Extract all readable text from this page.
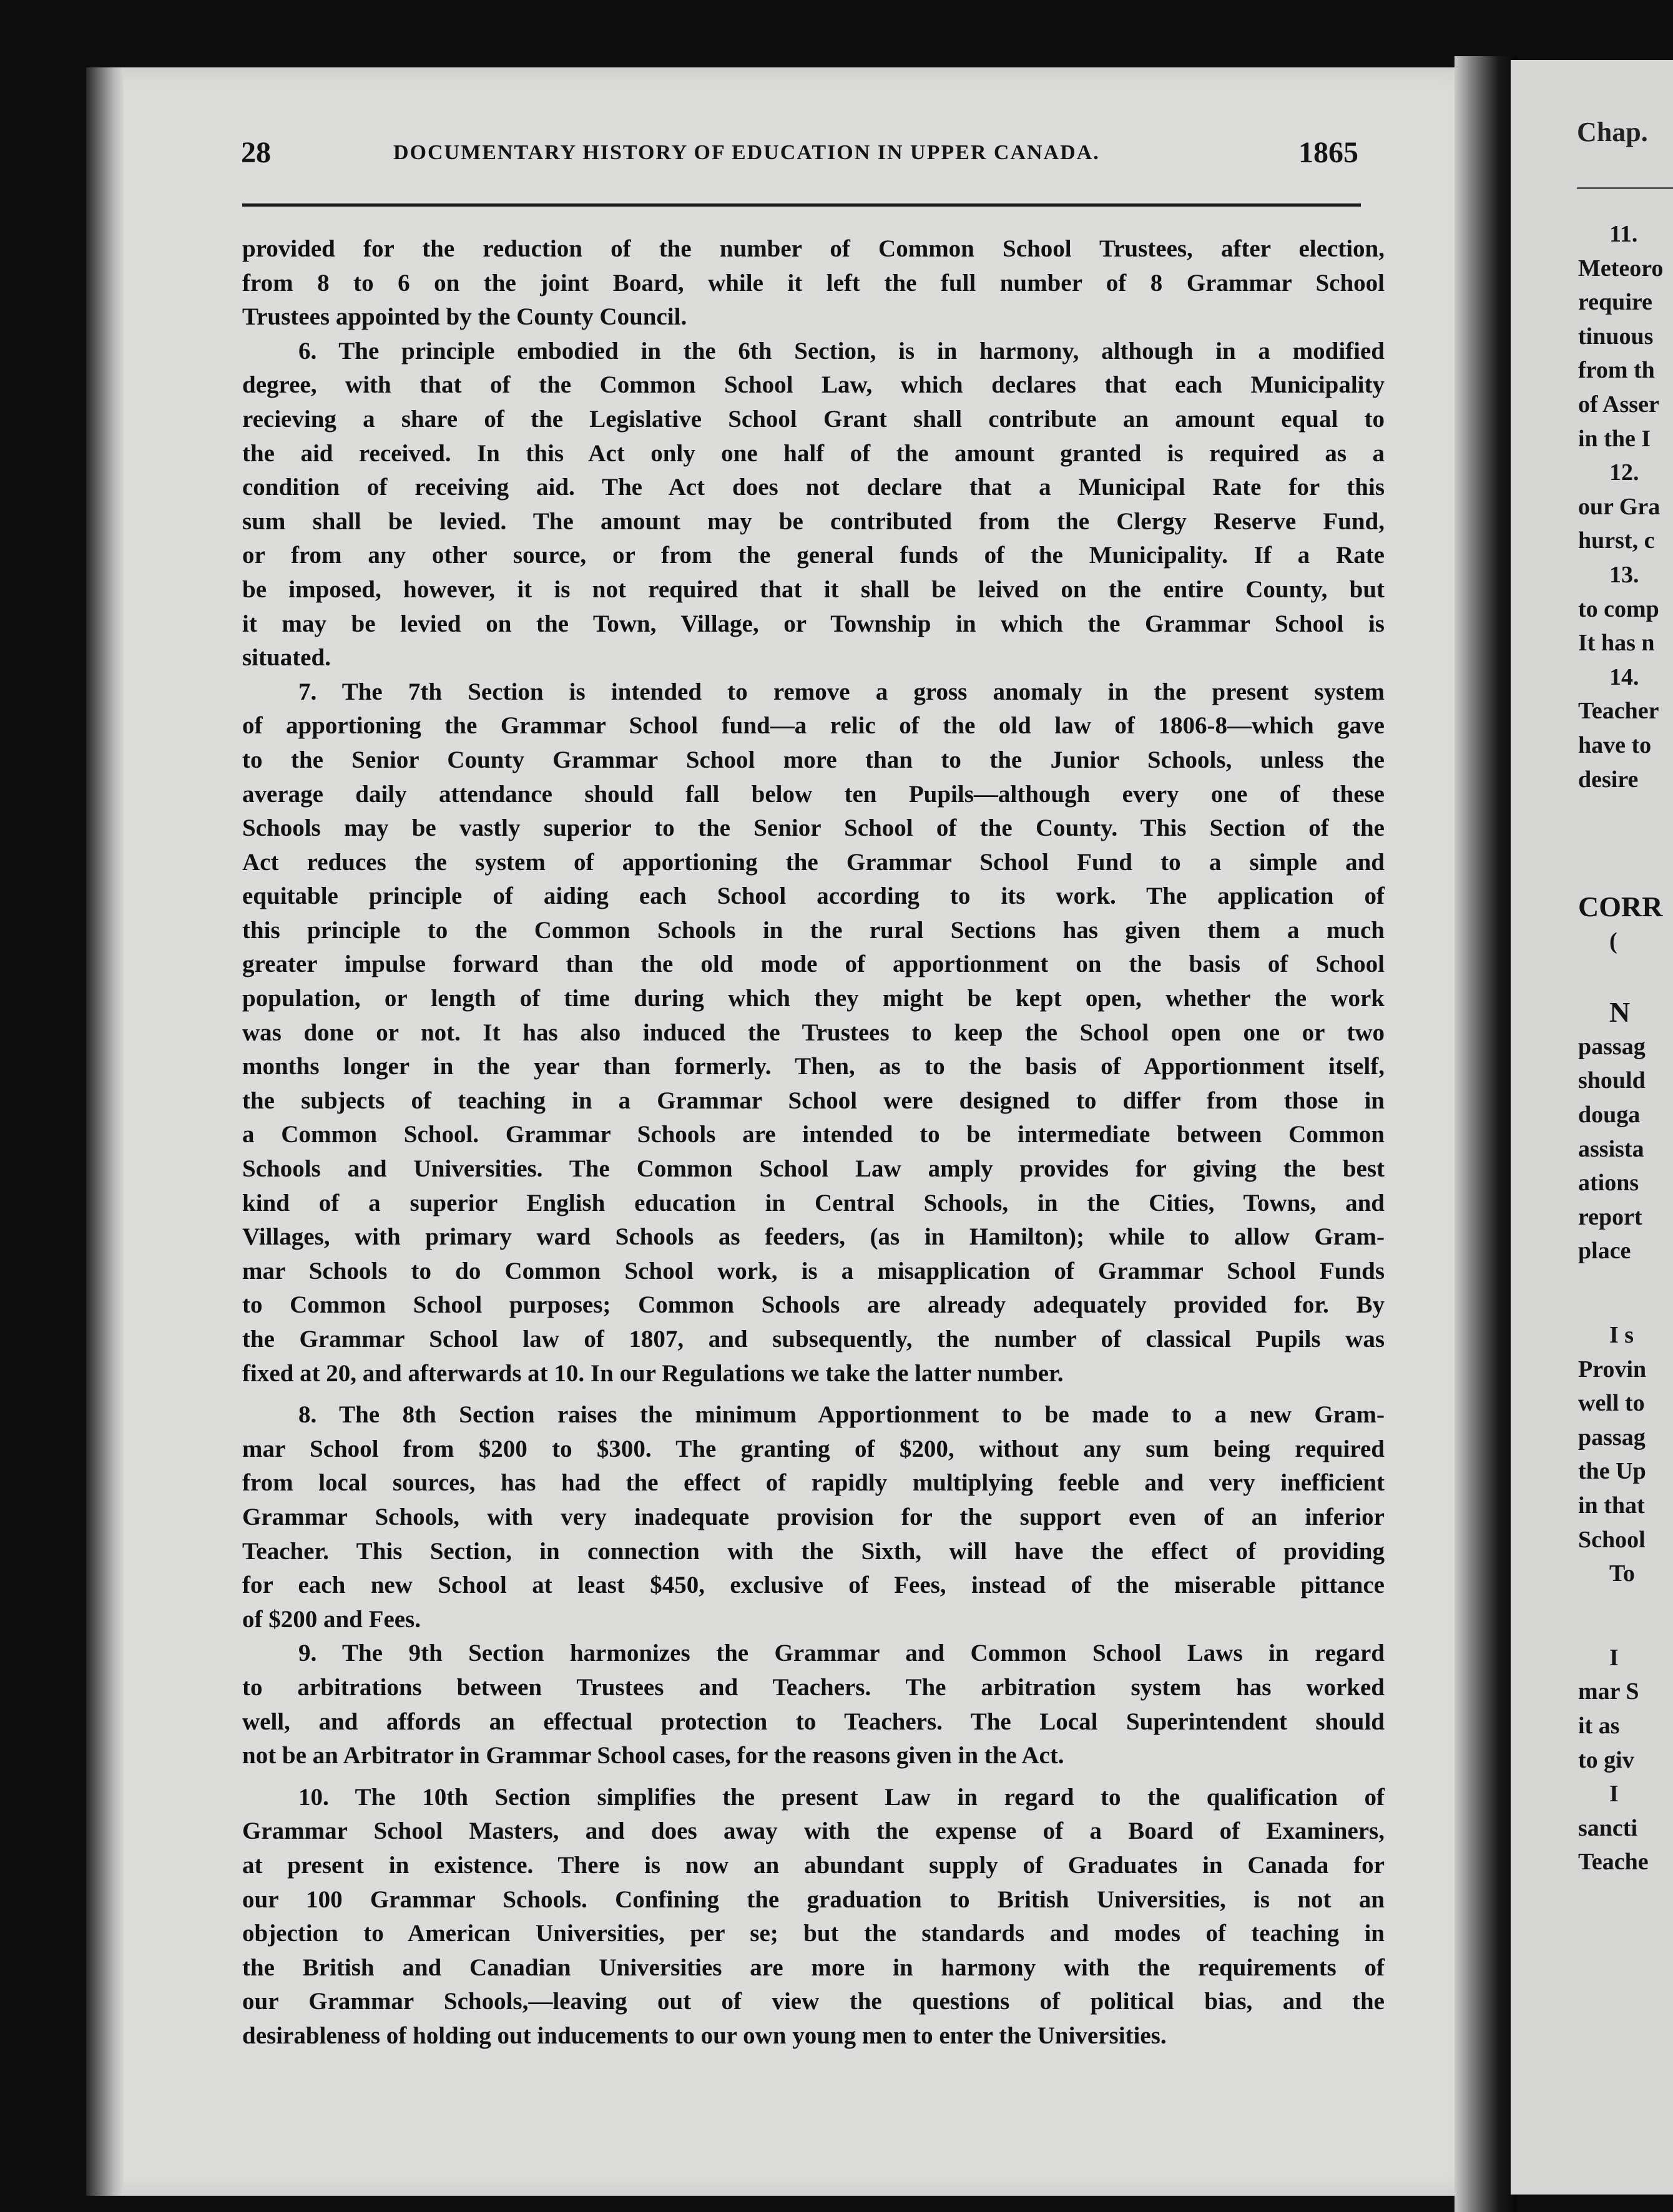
28	DOCUMENTARY HISTORY OF EDUCATION IN UPPER CANADA.	1865
provided for the reduction of the number of Common School Trustees, after election,
from 8 to 6 on the joint Board, while it left the full number of 8 Grammar School
Trustees appointed by the County Council.
6. The principle embodied in the 6th Section, is in harmony, although in a modified
degree, with that of the Common School Law, which declares that each Municipality
recieving a share of the Legislative School Grant shall contribute an amount equal to
the aid received. In this Act only one half of the amount granted is required as a
condition of receiving aid. The Act does not declare that a Municipal Rate for this
sum shall be levied. The amount may be contributed from the Clergy Reserve Fund,
or from any other source, or from the general funds of the Municipality. If a Rate
be imposed, however, it is not required that it shall be leived on the entire County, but
it may be levied on the Town, Village, or Township in which the Grammar School is
situated.
7. The 7th Section is intended to remove a gross anomaly in the present system
of apportioning the Grammar School fund—a relic of the old law of 1806-8—which gave
to the Senior County Grammar School more than to the Junior Schools, unless the
average daily attendance should fall below ten Pupils—although every one of these
Schools may be vastly superior to the Senior School of the County. This Section of the
Act reduces the system of apportioning the Grammar School Fund to a simple and
equitable principle of aiding each School according to its work. The application of
this principle to the Common Schools in the rural Sections has given them a much
greater impulse forward than the old mode of apportionment on the basis of School
population, or length of time during which they might be kept open, whether the work
was done or not. It has also induced the Trustees to keep the School open one or two
months longer in the year than formerly. Then, as to the basis of Apportionment itself,
the subjects of teaching in a Grammar School were designed to differ from those in
a Common School. Grammar Schools are intended to be intermediate between Common
Schools and Universities. The Common School Law amply provides for giving the best
kind of a superior English education in Central Schools, in the Cities, Towns, and
Villages, with primary ward Schools as feeders, (as in Hamilton); while to allow Gram-
mar Schools to do Common School work, is a misapplication of Grammar School Funds
to Common School purposes; Common Schools are already adequately provided for. By
the Grammar School law of 1807, and subsequently, the number of classical Pupils was
fixed at 20, and afterwards at 10. In our Regulations we take the latter number.
8. The 8th Section raises the minimum Apportionment to be made to a new Gram-
mar School from $200 to $300. The granting of $200, without any sum being required
from local sources, has had the effect of rapidly multiplying feeble and very inefficient
Grammar Schools, with very inadequate provision for the support even of an inferior
Teacher. This Section, in connection with the Sixth, will have the effect of providing
for each new School at least $450, exclusive of Fees, instead of the miserable pittance
of $200 and Fees.
9. The 9th Section harmonizes the Grammar and Common School Laws in regard
to arbitrations between Trustees and Teachers. The arbitration system has worked
well, and affords an effectual protection to Teachers. The Local Superintendent should
not be an Arbitrator in Grammar School cases, for the reasons given in the Act.
10. The 10th Section simplifies the present Law in regard to the qualification of
Grammar School Masters, and does away with the expense of a Board of Examiners,
at present in existence. There is now an abundant supply of Graduates in Canada for
our 100 Grammar Schools. Confining the graduation to British Universities, is not an
objection to American Universities, per se; but the standards and modes of teaching in
the British and Canadian Universities are more in harmony with the requirements of
our Grammar Schools,—leaving out of view the questions of political bias, and the
desirableness of holding out inducements to our own young men to enter the Universities.
Chap.
11.
Meteoro
require
tinuous
from th
of Asser
in the I
12.
our Gra
hurst, c
13.
to comp
It has n
14.
Teacher
have to
desire
CORR
(
N
passag
should
douga
assista
ations
report
place
I s
Provin
well to
passag
the Up
in that
School
To
I
mar S
it as
to giv
I
sancti
Teache
